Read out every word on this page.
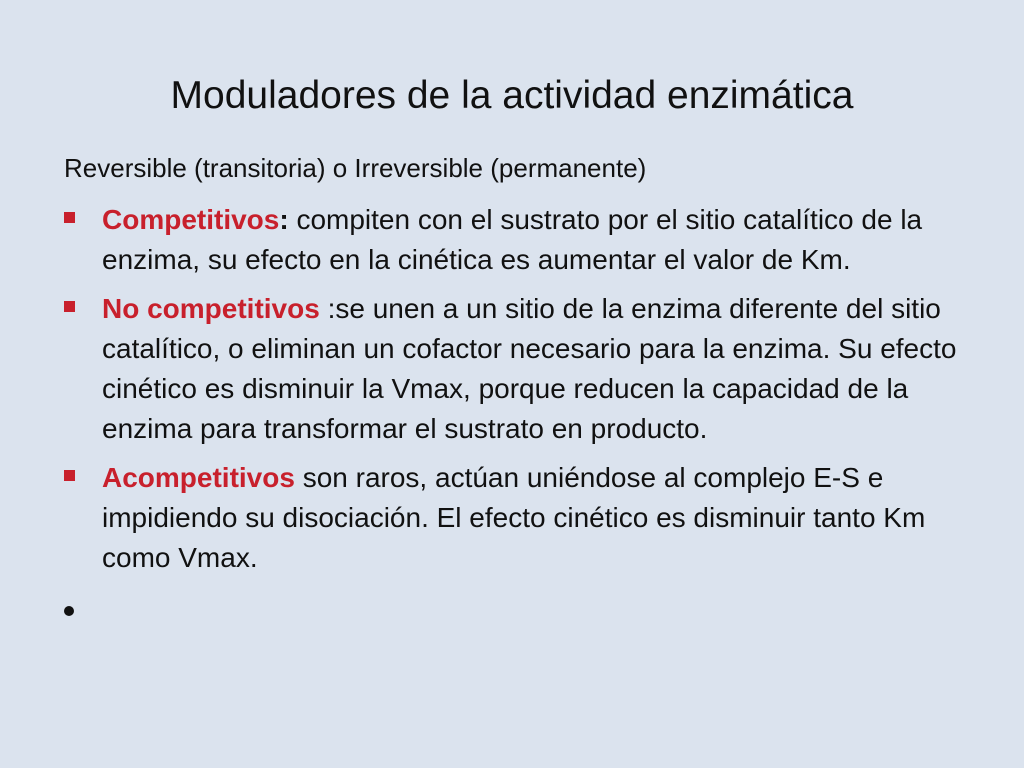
Moduladores de la actividad enzimática

Reversible (transitoria) o Irreversible (permanente)

Competitivos: compiten con el sustrato por el sitio catalítico de la enzima, su efecto en la cinética es aumentar el valor de Km.
No competitivos :se unen a un sitio de la enzima diferente del sitio catalítico, o eliminan un cofactor necesario para la enzima. Su efecto cinético es disminuir la Vmax, porque reducen la capacidad de la enzima para transformar el sustrato en producto.
Acompetitivos son raros, actúan uniéndose al complejo E-S e impidiendo su disociación. El efecto cinético es disminuir tanto Km como Vmax.
